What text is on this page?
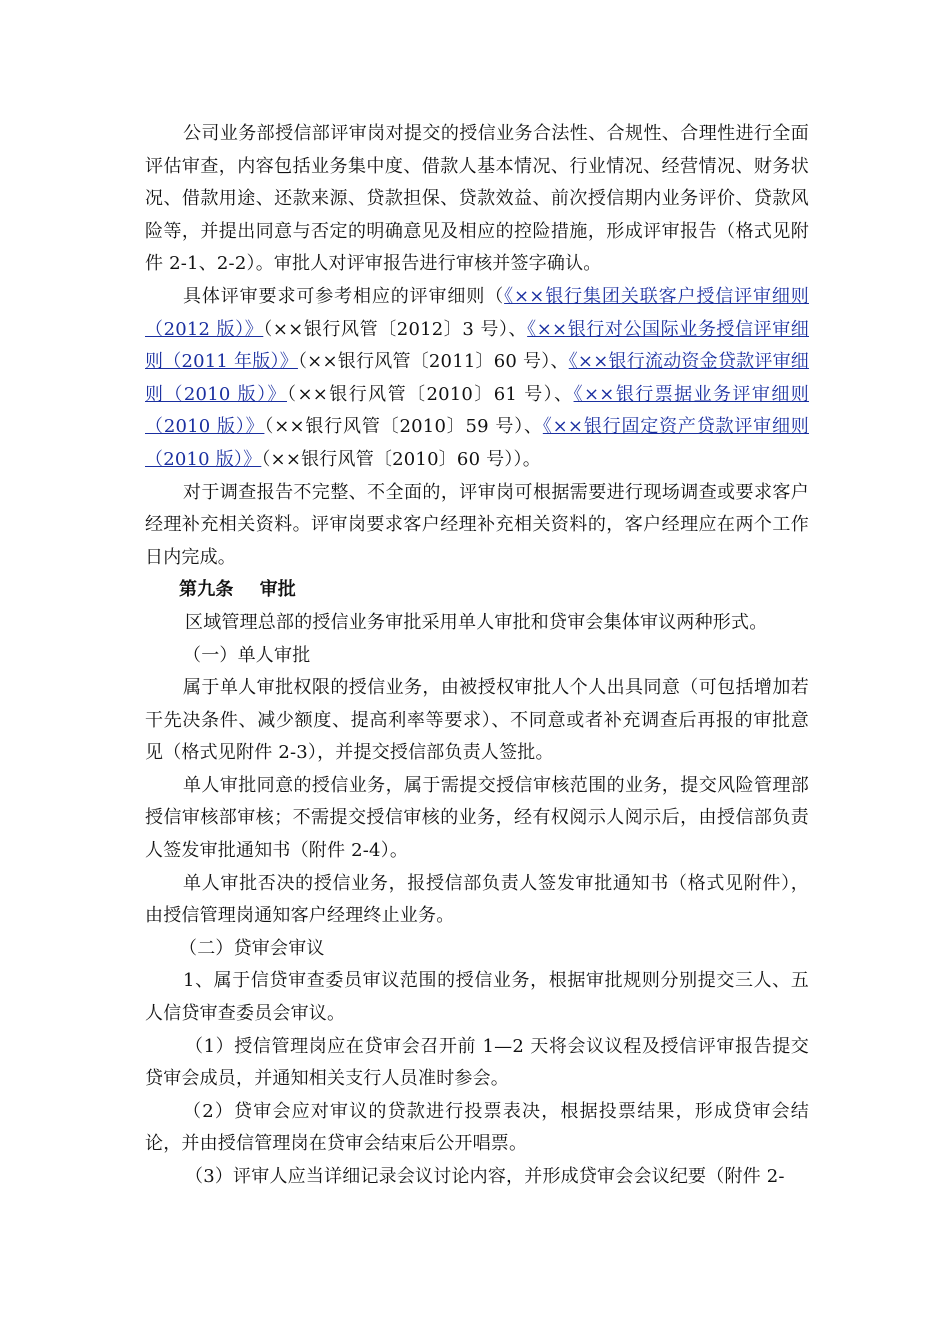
公司业务部授信部评审岗对提交的授信业务合法性、合规性、合理性进行全面评估审查，内容包括业务集中度、借款人基本情况、行业情况、经营情况、财务状况、借款用途、还款来源、贷款担保、贷款效益、前次授信期内业务评价、贷款风险等，并提出同意与否定的明确意见及相应的控险措施，形成评审报告（格式见附件 2-1、2-2）。审批人对评审报告进行审核并签字确认。

具体评审要求可参考相应的评审细则（《××银行集团关联客户授信评审细则（2012 版）》（××银行风管〔2012〕3 号）、《××银行对公国际业务授信评审细则（2011 年版）》（××银行风管〔2011〕60 号）、《××银行流动资金贷款评审细则（2010 版）》（××银行风管〔2010〕61 号）、《××银行票据业务评审细则（2010 版）》（××银行风管〔2010〕59 号）、《××银行固定资产贷款评审细则（2010 版）》（××银行风管〔2010〕60 号））。

对于调查报告不完整、不全面的，评审岗可根据需要进行现场调查或要求客户经理补充相关资料。评审岗要求客户经理补充相关资料的，客户经理应在两个工作日内完成。

第九条 审批

区域管理总部的授信业务审批采用单人审批和贷审会集体审议两种形式。

（一）单人审批

属于单人审批权限的授信业务，由被授权审批人个人出具同意（可包括增加若干先决条件、减少额度、提高利率等要求）、不同意或者补充调查后再报的审批意见（格式见附件 2-3），并提交授信部负责人签批。

单人审批同意的授信业务，属于需提交授信审核范围的业务，提交风险管理部授信审核部审核；不需提交授信审核的业务，经有权阅示人阅示后，由授信部负责人签发审批通知书（附件 2-4）。

单人审批否决的授信业务，报授信部负责人签发审批通知书（格式见附件），由授信管理岗通知客户经理终止业务。

（二）贷审会审议

1、属于信贷审查委员审议范围的授信业务，根据审批规则分别提交三人、五人信贷审查委员会审议。

（1）授信管理岗应在贷审会召开前 1—2 天将会议议程及授信评审报告提交贷审会成员，并通知相关支行人员准时参会。

（2）贷审会应对审议的贷款进行投票表决，根据投票结果，形成贷审会结论，并由授信管理岗在贷审会结束后公开唱票。

（3）评审人应当详细记录会议讨论内容，并形成贷审会会议纪要（附件 2-
